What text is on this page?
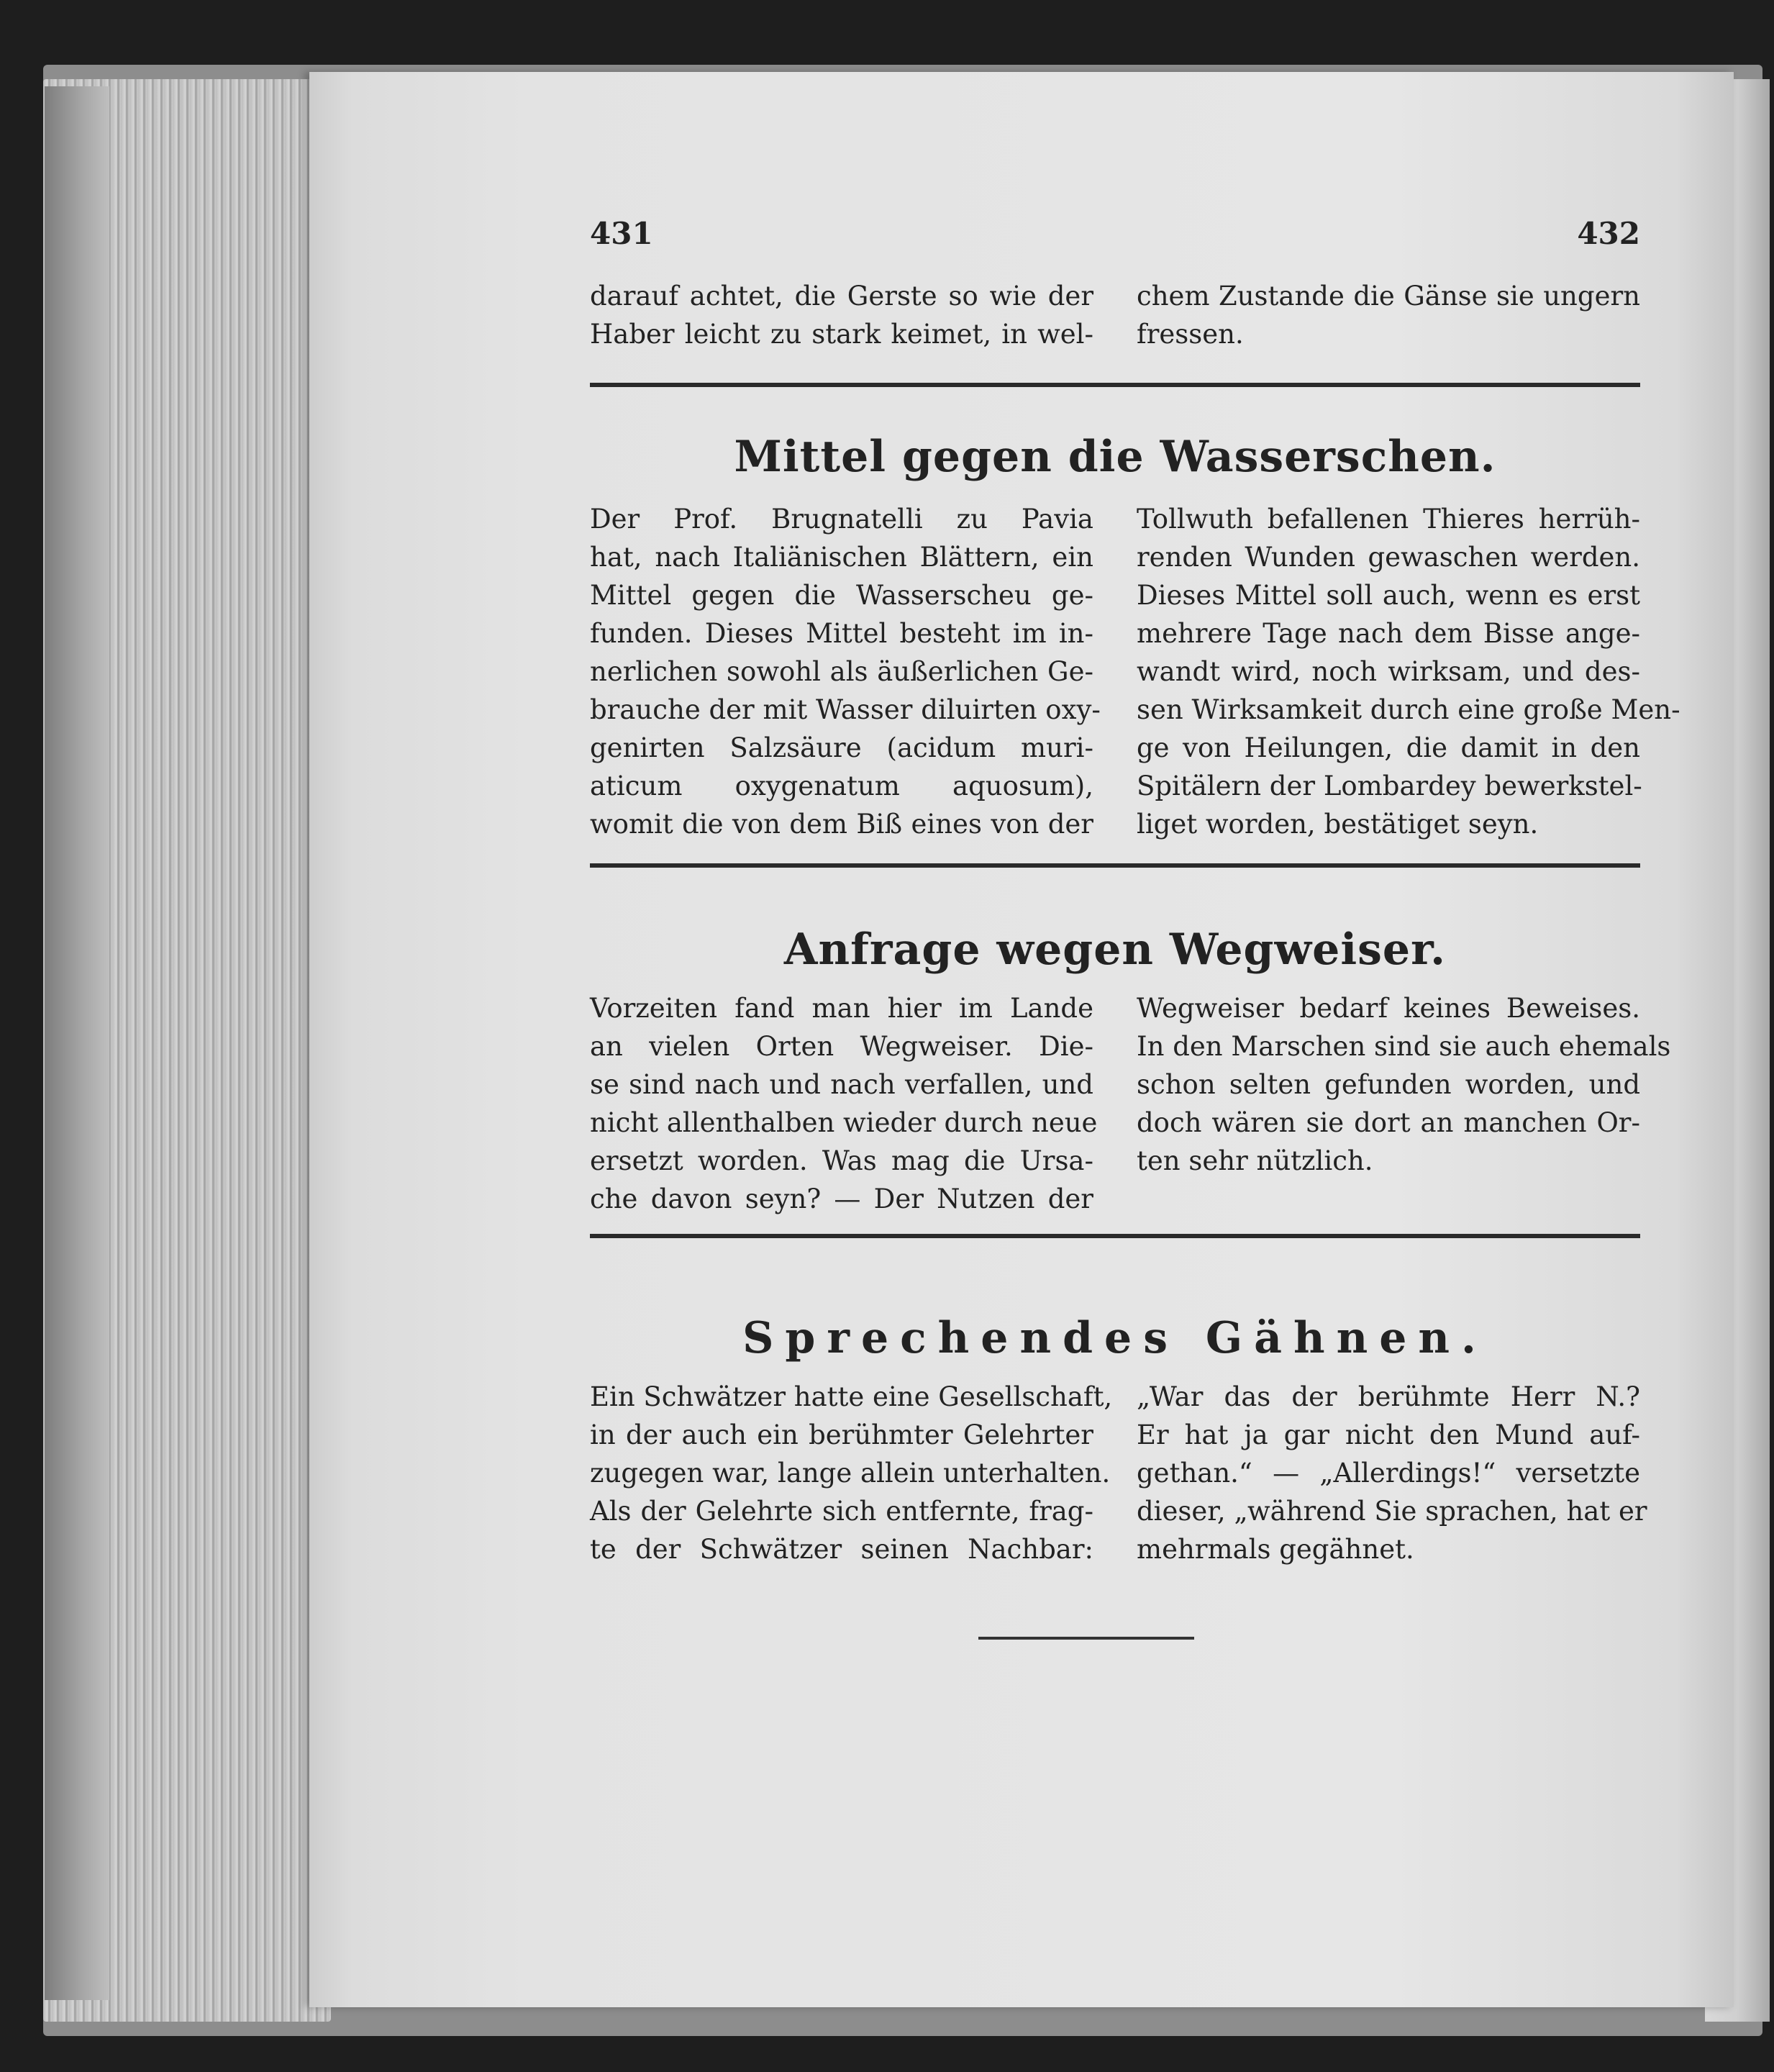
431	432
darauf achtet, die Gerste so wie der
Haber leicht zu stark keimet, in wel-
chem Zustande die Gänse sie ungern
fressen.
Mittel gegen die Wasserschen.
Der Prof. Brugnatelli zu Pavia
hat, nach Italiänischen Blättern, ein
Mittel gegen die Wasserscheu ge-
funden. Dieses Mittel besteht im in-
nerlichen sowohl als äußerlichen Ge-
brauche der mit Wasser diluirten oxy-
genirten Salzsäure (acidum muri-
aticum oxygenatum aquosum),
womit die von dem Biß eines von der
Tollwuth befallenen Thieres herrüh-
renden Wunden gewaschen werden.
Dieses Mittel soll auch, wenn es erst
mehrere Tage nach dem Bisse ange-
wandt wird, noch wirksam, und des-
sen Wirksamkeit durch eine große Men-
ge von Heilungen, die damit in den
Spitälern der Lombardey bewerkstel-
liget worden, bestätiget seyn.
Anfrage wegen Wegweiser.
Vorzeiten fand man hier im Lande
an vielen Orten Wegweiser. Die-
se sind nach und nach verfallen, und
nicht allenthalben wieder durch neue
ersetzt worden. Was mag die Ursa-
che davon seyn? — Der Nutzen der
Wegweiser bedarf keines Beweises.
In den Marschen sind sie auch ehemals
schon selten gefunden worden, und
doch wären sie dort an manchen Or-
ten sehr nützlich.
Sprechendes Gähnen.
Ein Schwätzer hatte eine Gesellschaft,
in der auch ein berühmter Gelehrter
zugegen war, lange allein unterhalten.
Als der Gelehrte sich entfernte, frag-
te der Schwätzer seinen Nachbar:
„War das der berühmte Herr N.?
Er hat ja gar nicht den Mund auf-
gethan.“ — „Allerdings!“ versetzte
dieser, „während Sie sprachen, hat er
mehrmals gegähnet.
